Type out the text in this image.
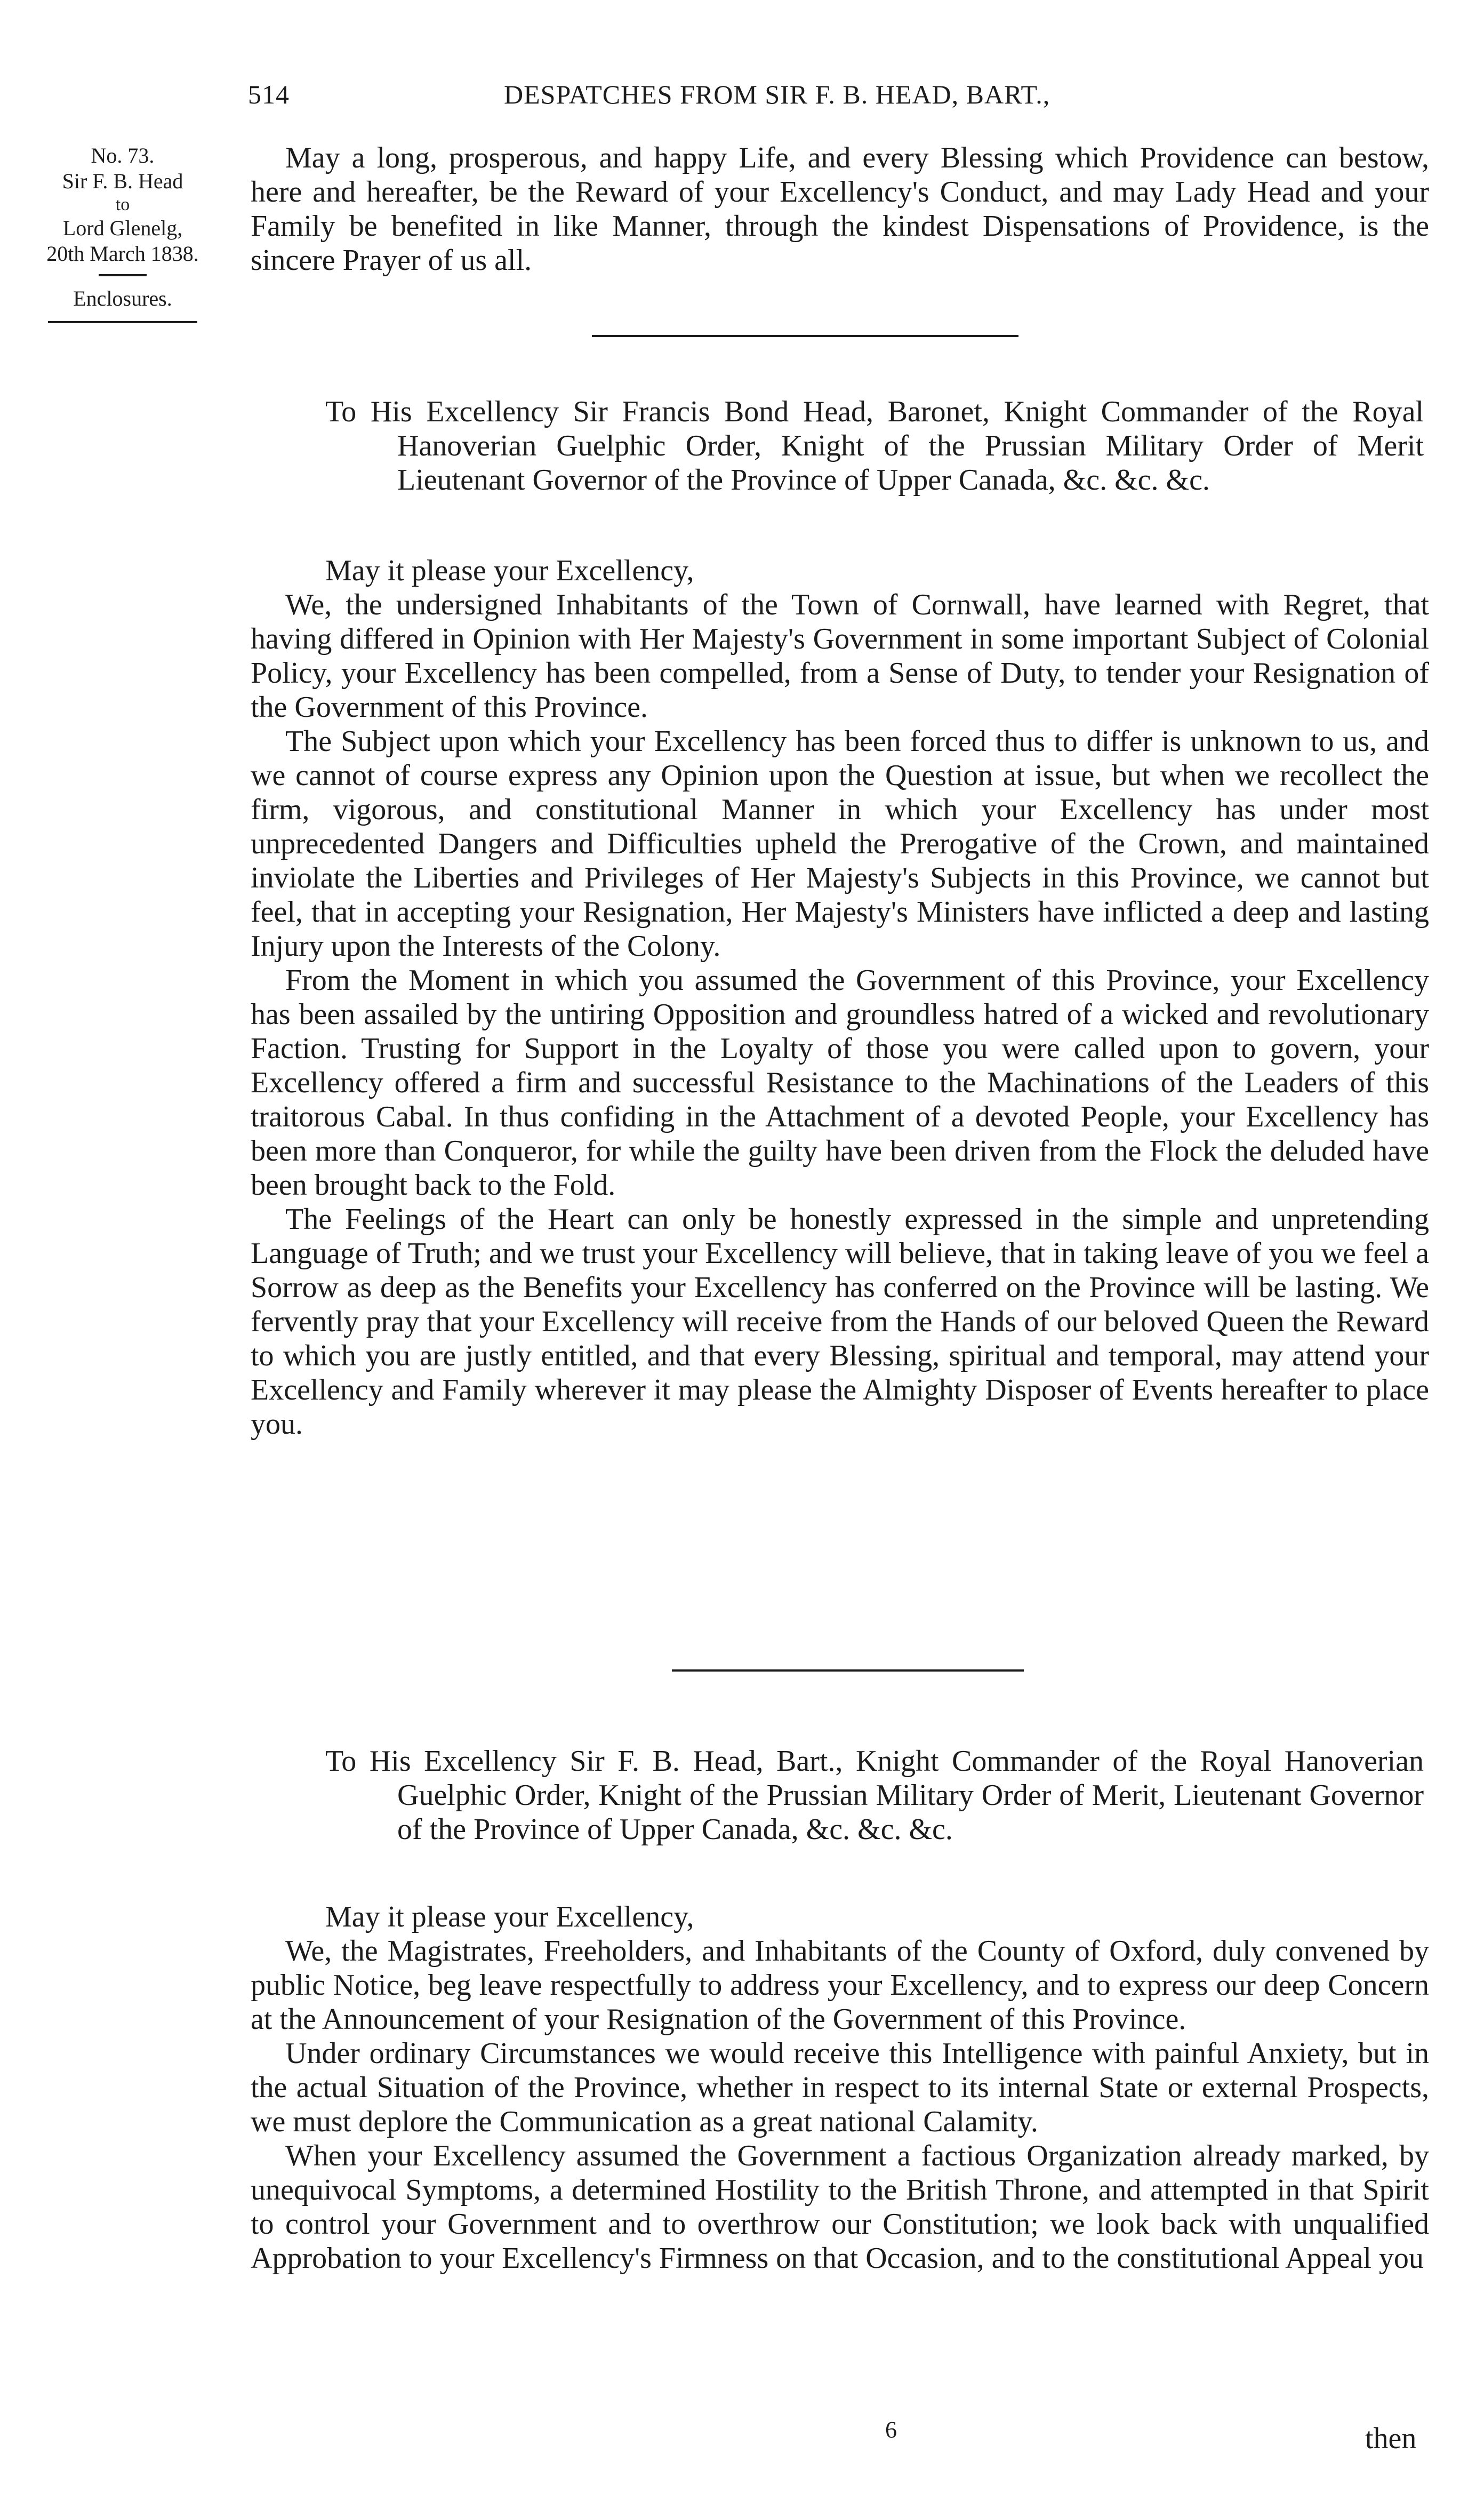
514	DESPATCHES FROM SIR F. B. HEAD, BART.,
No. 73.
Sir F. B. Head
to
Lord Glenelg,
20th March 1838.
Enclosures.

May a long, prosperous, and happy Life, and every Blessing which Providence can bestow, here and hereafter, be the Reward of your Excellency's Conduct, and may Lady Head and your Family be benefited in like Manner, through the kindest Dispensations of Providence, is the sincere Prayer of us all.

To His Excellency Sir Francis Bond Head, Baronet, Knight Commander of the Royal Hanoverian Guelphic Order, Knight of the Prussian Military Order of Merit Lieutenant Governor of the Province of Upper Canada, &c. &c. &c.
May it please your Excellency,

We, the undersigned Inhabitants of the Town of Cornwall, have learned with Regret, that having differed in Opinion with Her Majesty's Government in some important Subject of Colonial Policy, your Excellency has been compelled, from a Sense of Duty, to tender your Resignation of the Government of this Province.

The Subject upon which your Excellency has been forced thus to differ is unknown to us, and we cannot of course express any Opinion upon the Question at issue, but when we recollect the firm, vigorous, and constitutional Manner in which your Excellency has under most unprecedented Dangers and Difficulties upheld the Prerogative of the Crown, and maintained inviolate the Liberties and Privileges of Her Majesty's Subjects in this Province, we cannot but feel, that in accepting your Resignation, Her Majesty's Ministers have inflicted a deep and lasting Injury upon the Interests of the Colony.

From the Moment in which you assumed the Government of this Province, your Excellency has been assailed by the untiring Opposition and groundless hatred of a wicked and revolutionary Faction. Trusting for Support in the Loyalty of those you were called upon to govern, your Excellency offered a firm and successful Resistance to the Machinations of the Leaders of this traitorous Cabal. In thus confiding in the Attachment of a devoted People, your Excellency has been more than Conqueror, for while the guilty have been driven from the Flock the deluded have been brought back to the Fold.

The Feelings of the Heart can only be honestly expressed in the simple and unpretending Language of Truth; and we trust your Excellency will believe, that in taking leave of you we feel a Sorrow as deep as the Benefits your Excellency has conferred on the Province will be lasting. We fervently pray that your Excellency will receive from the Hands of our beloved Queen the Reward to which you are justly entitled, and that every Blessing, spiritual and temporal, may attend your Excellency and Family wherever it may please the Almighty Disposer of Events hereafter to place you.

To His Excellency Sir F. B. Head, Bart., Knight Commander of the Royal Hanoverian Guelphic Order, Knight of the Prussian Military Order of Merit, Lieutenant Governor of the Province of Upper Canada, &c. &c. &c.
May it please your Excellency,

We, the Magistrates, Freeholders, and Inhabitants of the County of Oxford, duly convened by public Notice, beg leave respectfully to address your Excellency, and to express our deep Concern at the Announcement of your Resignation of the Government of this Province.

Under ordinary Circumstances we would receive this Intelligence with painful Anxiety, but in the actual Situation of the Province, whether in respect to its internal State or external Prospects, we must deplore the Communication as a great national Calamity.

When your Excellency assumed the Government a factious Organization already marked, by unequivocal Symptoms, a determined Hostility to the British Throne, and attempted in that Spirit to control your Government and to overthrow our Constitution; we look back with unqualified Approbation to your Excellency's Firmness on that Occasion, and to the constitutional Appeal you

6	then
